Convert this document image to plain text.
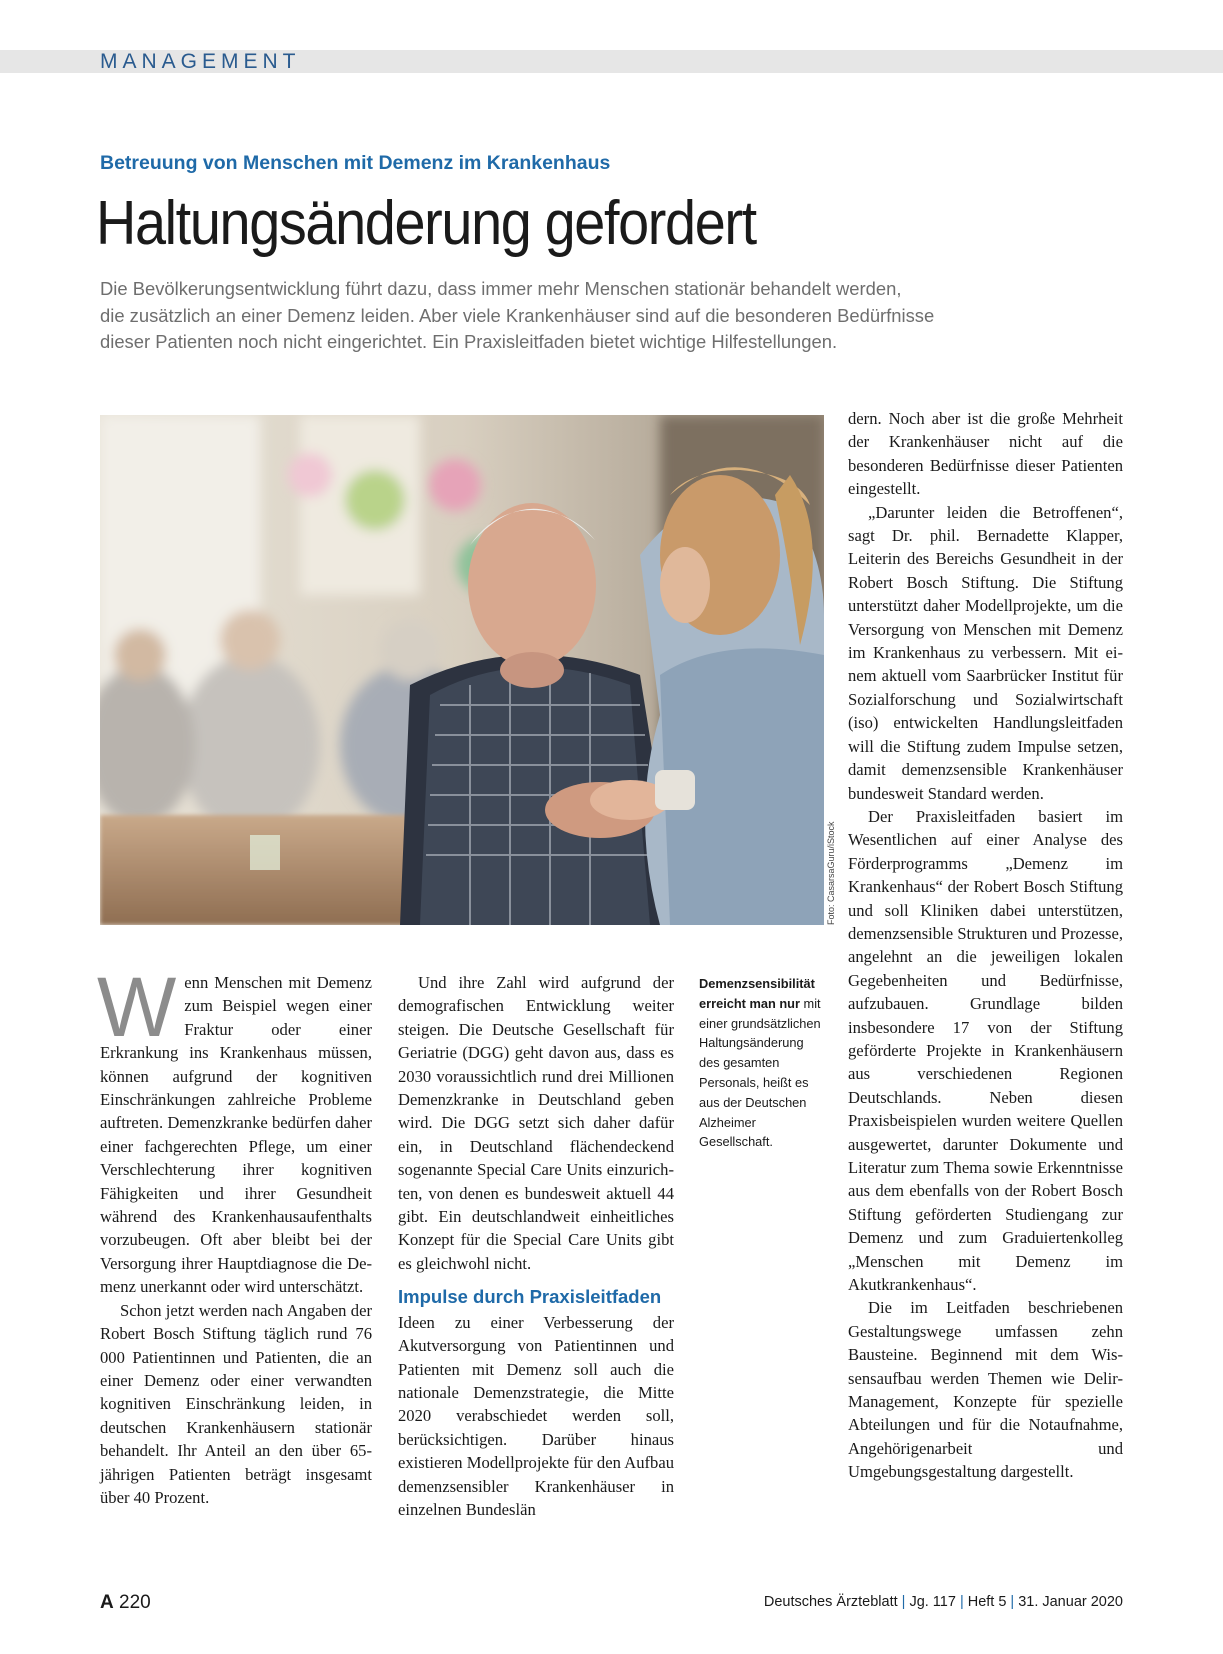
MANAGEMENT
Betreuung von Menschen mit Demenz im Krankenhaus
Haltungsänderung gefordert
Die Bevölkerungsentwicklung führt dazu, dass immer mehr Menschen stationär behandelt werden,
die zusätzlich an einer Demenz leiden. Aber viele Krankenhäuser sind auf die besonderen Bedürfnisse
dieser Patienten noch nicht eingerichtet. Ein Praxisleitfaden bietet wichtige Hilfestellungen.
Foto: CasarsaGuru/iStock

Wenn Menschen mit Demenz zum Beispiel wegen einer Fraktur oder einer Erkrankung ins Krankenhaus müssen, können aufgrund der kognitiven Einschränkungen zahlreiche Probleme auftreten. Demenzkranke bedürfen daher einer fachgerechten Pflege, um einer Verschlechterung ihrer kognitiven Fähigkeiten und ihrer Gesundheit während des Krankenhausaufenthalts vorzubeugen. Oft aber bleibt bei der Versorgung ihrer Hauptdiagnose die Demenz unerkannt oder wird unterschätzt.

Schon jetzt werden nach Angaben der Robert Bosch Stiftung täglich rund 76 000 Patientinnen und Patienten, die an einer Demenz oder einer verwandten kognitiven Einschränkung leiden, in deutschen Krankenhäusern stationär behandelt. Ihr Anteil an den über 65-jährigen Patienten beträgt insgesamt über 40 Prozent.

Und ihre Zahl wird aufgrund der demografischen Entwicklung weiter steigen. Die Deutsche Gesellschaft für Geriatrie (DGG) geht davon aus, dass es 2030 voraussichtlich rund drei Millionen Demenzkranke in Deutschland geben wird. Die DGG setzt sich daher dafür ein, in Deutschland flächendeckend sogenannte Special Care Units einzurichten, von denen es bundesweit aktuell 44 gibt. Ein deutschlandweit einheitliches Konzept für die Special Care Units gibt es gleichwohl nicht.

Impulse durch Praxisleitfaden

Ideen zu einer Verbesserung der Akutversorgung von Patientinnen und Patienten mit Demenz soll auch die nationale Demenzstrategie, die Mitte 2020 verabschiedet werden soll, berücksichtigen. Darüber hinaus existieren Modellprojekte für den Aufbau demenzsensibler Krankenhäuser in einzelnen Bundeslän

Demenzsensibilität erreicht man nur mit einer grundsätzlichen Haltungsänderung des gesamten Personals, heißt es aus der Deutschen Alzheimer Gesellschaft.

dern. Noch aber ist die große Mehrheit der Krankenhäuser nicht auf die besonderen Bedürfnisse dieser Patienten eingestellt.

„Darunter leiden die Betroffenen“, sagt Dr. phil. Bernadette Klapper, Leiterin des Bereichs Gesundheit in der Robert Bosch Stiftung. Die Stiftung unterstützt daher Modellprojekte, um die Versorgung von Menschen mit Demenz im Krankenhaus zu verbessern. Mit einem aktuell vom Saarbrücker Institut für Sozialforschung und Sozialwirtschaft (iso) entwickelten Handlungsleitfaden will die Stiftung zudem Impulse setzen, damit demenzsensible Krankenhäuser bundesweit Standard werden.

Der Praxisleitfaden basiert im Wesentlichen auf einer Analyse des Förderprogramms „Demenz im Krankenhaus“ der Robert Bosch Stiftung und soll Kliniken dabei unterstützen, demenzsensible Strukturen und Prozesse, angelehnt an die jeweiligen lokalen Gegebenheiten und Bedürfnisse, aufzubauen. Grundlage bilden insbesondere 17 von der Stiftung geförderte Projekte in Krankenhäusern aus verschiedenen Regionen Deutschlands. Neben diesen Praxisbeispielen wurden weitere Quellen ausgewertet, darunter Dokumente und Literatur zum Thema sowie Erkenntnisse aus dem ebenfalls von der Robert Bosch Stiftung geförderten Studiengang zur Demenz und zum Graduiertenkolleg „Menschen mit Demenz im Akutkrankenhaus“.

Die im Leitfaden beschriebenen Gestaltungswege umfassen zehn Bausteine. Beginnend mit dem Wissensaufbau werden Themen wie Delir-Management, Konzepte für spezielle Abteilungen und für die Notaufnahme, Angehörigenarbeit und Umgebungsgestaltung dargestellt.

A 220	Deutsches Ärzteblatt | Jg. 117 | Heft 5 | 31. Januar 2020
